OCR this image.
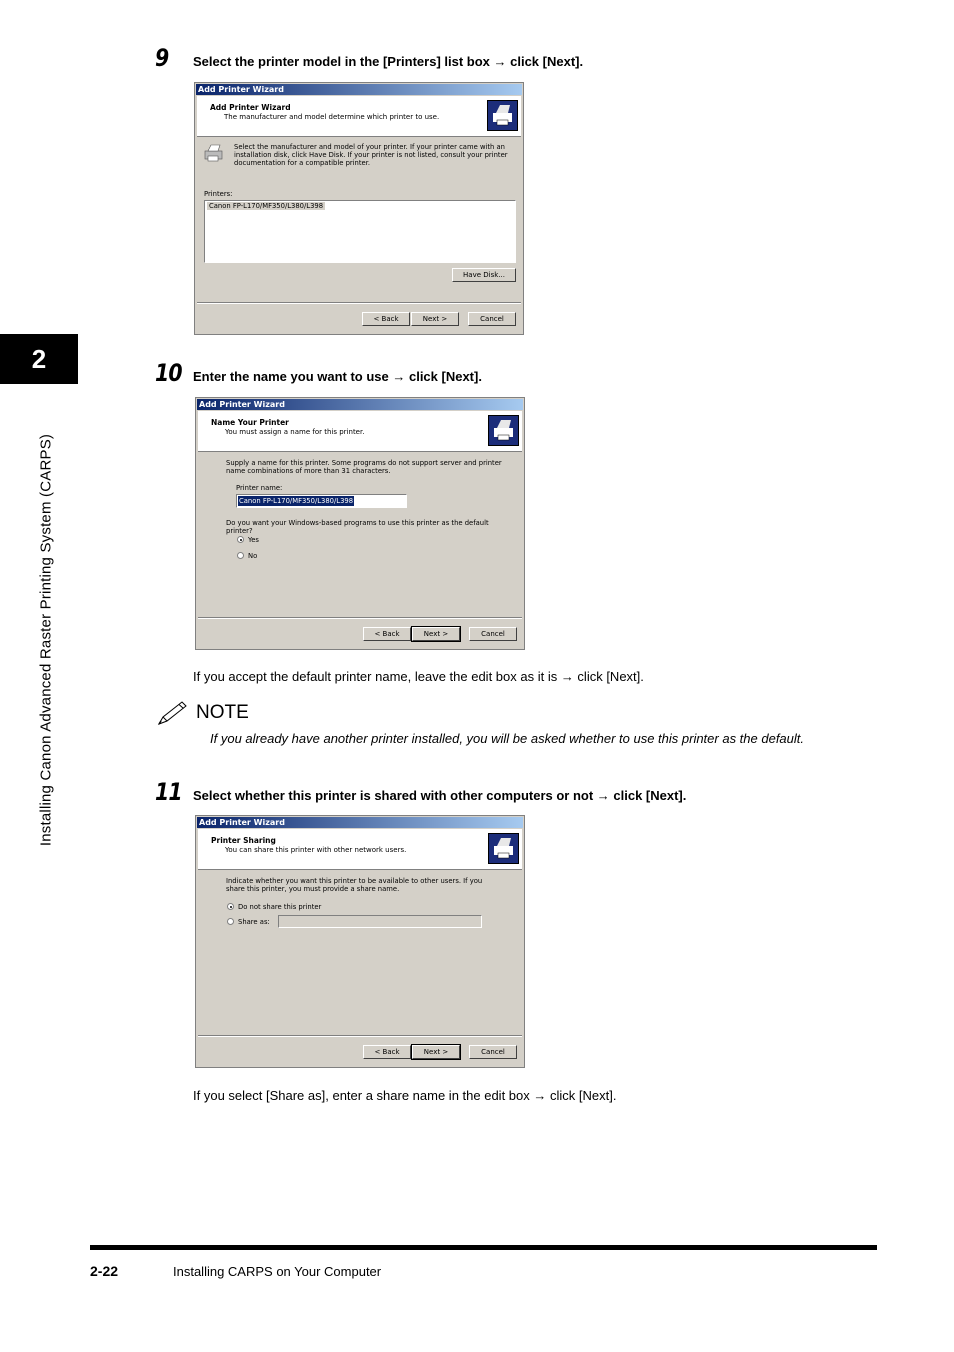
2
Installing Canon Advanced Raster Printing System (CARPS)
9 Select the printer model in the [Printers] list box → click [Next].
Add Printer Wizard
Add Printer Wizard
The manufacturer and model determine which printer to use.
Select the manufacturer and model of your printer. If your printer came with an installation disk, click Have Disk. If your printer is not listed, consult your printer documentation for a compatible printer.
Printers:
Canon FP-L170/MF350/L380/L398
Have Disk...
< Back	Next >	Cancel
10 Enter the name you want to use → click [Next].
Add Printer Wizard
Name Your Printer
You must assign a name for this printer.
Supply a name for this printer. Some programs do not support server and printer name combinations of more than 31 characters.
Printer name:
Canon FP-L170/MF350/L380/L398
Do you want your Windows-based programs to use this printer as the default printer?
Yes
No
< Back	Next >	Cancel
If you accept the default printer name, leave the edit box as it is → click [Next].
NOTE
If you already have another printer installed, you will be asked whether to use this printer as the default.
11 Select whether this printer is shared with other computers or not → click [Next].
Add Printer Wizard
Printer Sharing
You can share this printer with other network users.
Indicate whether you want this printer to be available to other users. If you share this printer, you must provide a share name.
Do not share this printer
Share as:
< Back	Next >	Cancel
If you select [Share as], enter a share name in the edit box → click [Next].
2-22	Installing CARPS on Your Computer
